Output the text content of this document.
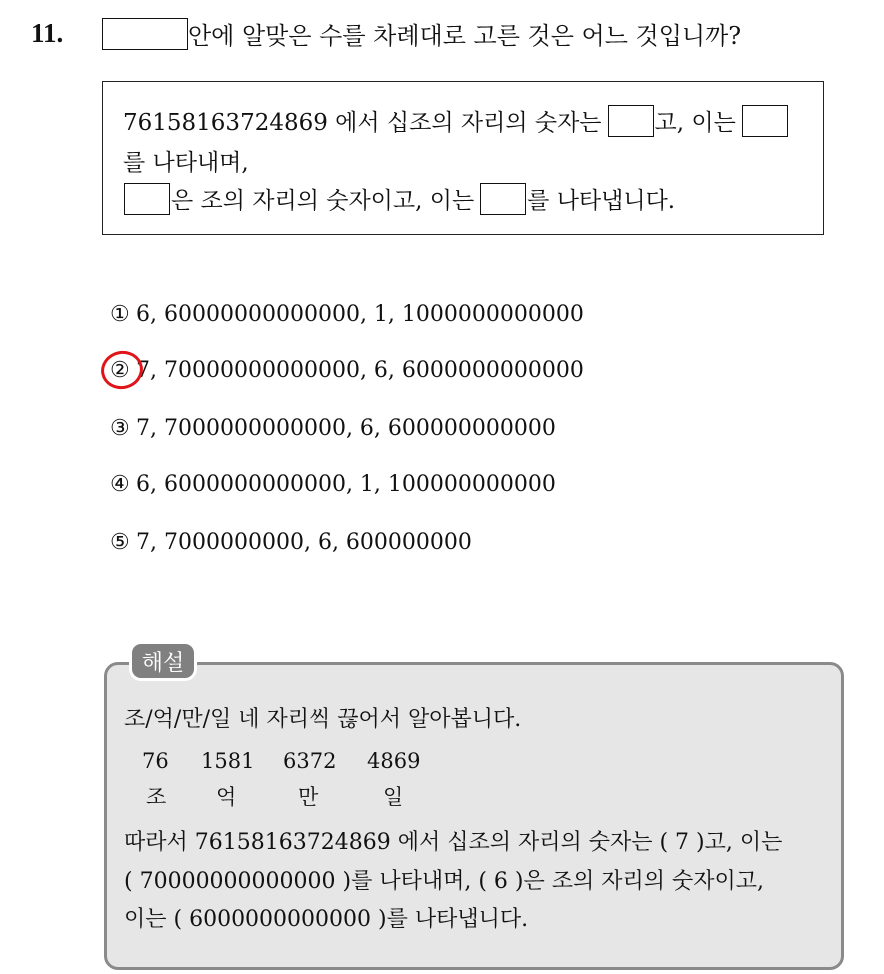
11.	안에 알맞은 수를 차례대로 고른 것은 어느 것입니까?
76158163724869 에서 십조의 자리의 숫자는 고, 이는
를 나타내며,
은 조의 자리의 숫자이고, 이는 를 나타냅니다.
① 6, 60000000000000, 1, 1000000000000
② 7, 70000000000000, 6, 6000000000000
③ 7, 7000000000000, 6, 600000000000
④ 6, 6000000000000, 1, 100000000000
⑤ 7, 7000000000, 6, 600000000
해설
조/억/만/일 네 자리씩 끊어서 알아봅니다.
76 1581 6372 4869
조 억	만	일
따라서 76158163724869 에서 십조의 자리의 숫자는 ( 7 )고, 이는
( 70000000000000 )를 나타내며, ( 6 )은 조의 자리의 숫자이고,
이는 ( 6000000000000 )를 나타냅니다.
